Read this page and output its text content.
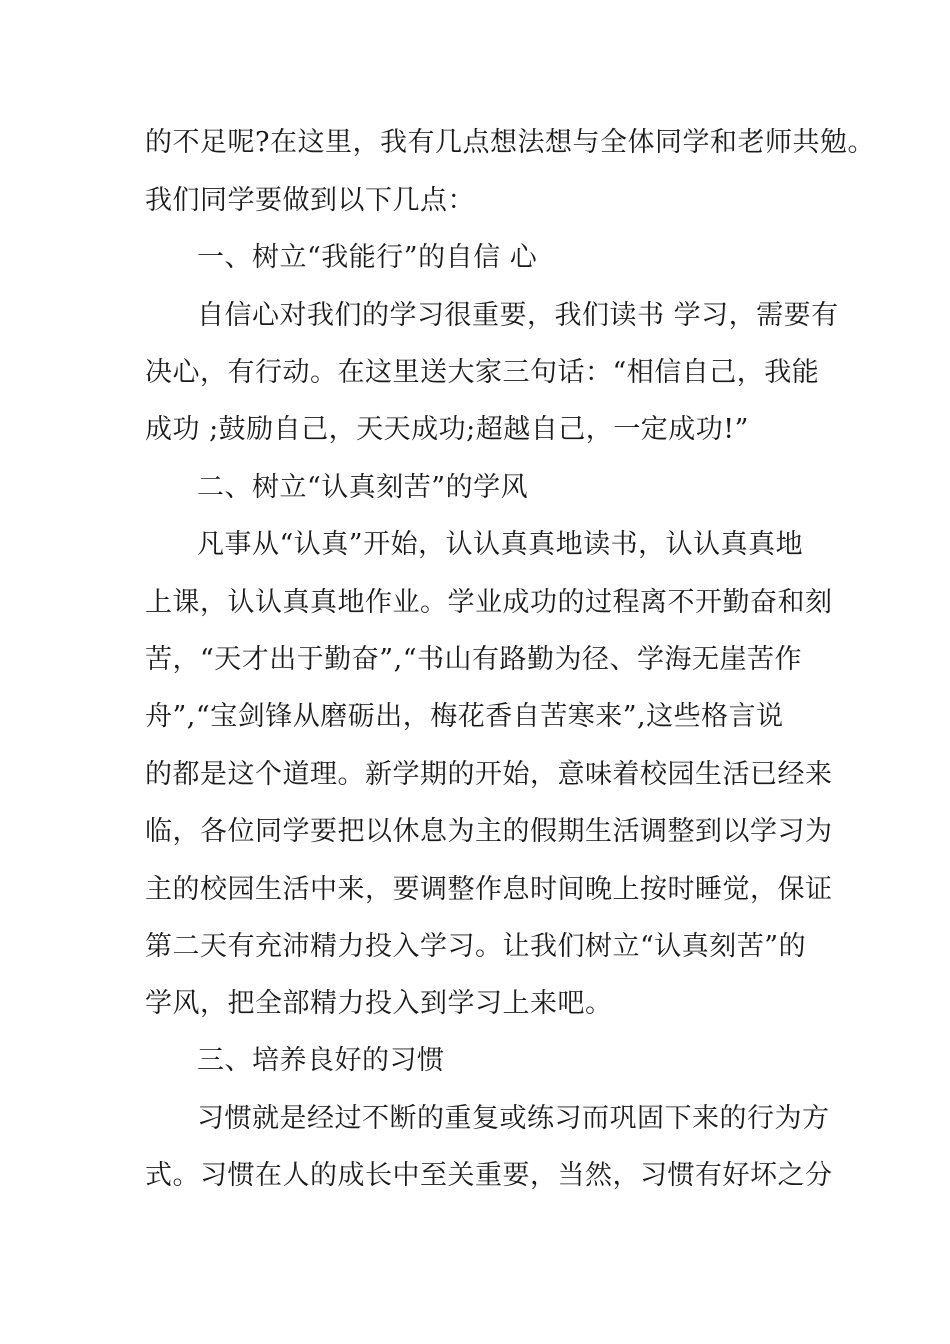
的不足呢?在这里，我有几点想法想与全体同学和老师共勉。
我们同学要做到以下几点：
一、树立“我能行”的自信 心
自信心对我们的学习很重要，我们读书 学习，需要有
决心，有行动。在这里送大家三句话：“相信自己，我能
成功 ;鼓励自己，天天成功;超越自己，一定成功!”
二、树立“认真刻苦”的学风
凡事从“认真”开始，认认真真地读书，认认真真地
上课，认认真真地作业。学业成功的过程离不开勤奋和刻
苦，“天才出于勤奋”,“书山有路勤为径、学海无崖苦作
舟”,“宝剑锋从磨砺出，梅花香自苦寒来”,这些格言说
的都是这个道理。新学期的开始，意味着校园生活已经来
临，各位同学要把以休息为主的假期生活调整到以学习为
主的校园生活中来，要调整作息时间晚上按时睡觉，保证
第二天有充沛精力投入学习。让我们树立“认真刻苦”的
学风，把全部精力投入到学习上来吧。
三、培养良好的习惯
习惯就是经过不断的重复或练习而巩固下来的行为方
式。习惯在人的成长中至关重要，当然，习惯有好坏之分
